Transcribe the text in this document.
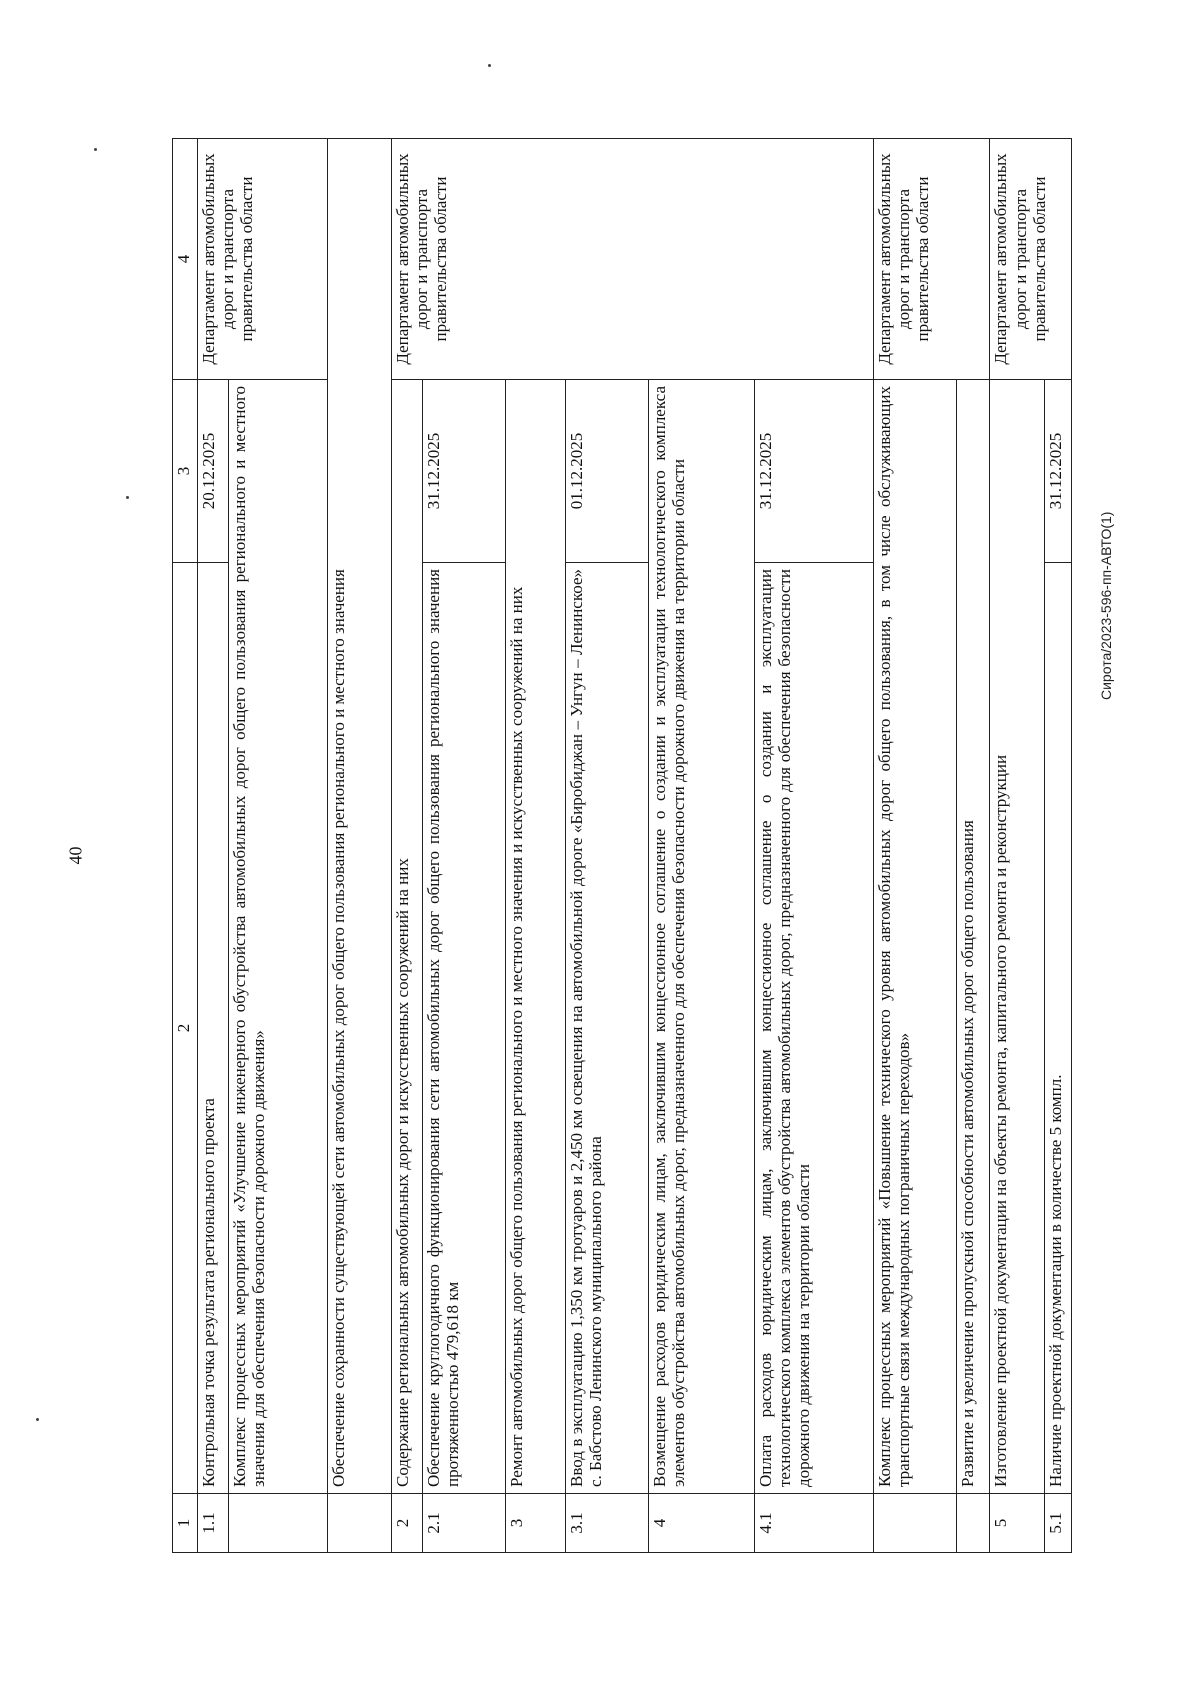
40
Сирота/2023-596-пп-АВТО(1)
1	2	3	4
1.1	Контрольная точка результата регионального проекта	20.12.2025	Департамент автомобильных дорог и транспорта правительства области
	Комплекс процессных мероприятий «Улучшение инженерного обустройства автомобильных дорог общего пользования регионального и местного значения для обеспечения безопасности дорожного движения»		
	Обеспечение сохранности существующей сети автомобильных дорог общего пользования регионального и местного значения		
2	Содержание региональных автомобильных дорог и искусственных сооружений на них		Департамент автомобильных дорог и транспорта правительства области
2.1	Обеспечение круглогодичного функционирования сети автомобильных дорог общего пользования регионального значения протяженностью 479,618 км	31.12.2025	
3	Ремонт автомобильных дорог общего пользования регионального и местного значения и искусственных сооружений на них		
3.1	Ввод в эксплуатацию 1,350 км тротуаров и 2,450 км освещения на автомобильной дороге «Биробиджан – Унгун – Ленинское» с. Бабстово Ленинского муниципального района	01.12.2025	
4	Возмещение расходов юридическим лицам, заключившим концессионное соглашение о создании и эксплуатации технологического комплекса элементов обустройства автомобильных дорог, предназначенного для обеспечения безопасности дорожного движения на территории области		
4.1	Оплата расходов юридическим лицам, заключившим концессионное соглашение о создании и эксплуатации технологического комплекса элементов обустройства автомобильных дорог, предназначенного для обеспечения безопасности дорожного движения на территории области	31.12.2025	
	Комплекс процессных мероприятий «Повышение технического уровня автомобильных дорог общего пользования, в том числе обслуживающих транспортные связи международных пограничных переходов»		Департамент автомобильных дорог и транспорта правительства области
	Развитие и увеличение пропускной способности автомобильных дорог общего пользования		
5	Изготовление проектной документации на объекты ремонта, капитального ремонта и реконструкции		Департамент автомобильных дорог и транспорта правительства области
5.1	Наличие проектной документации в количестве 5 компл.	31.12.2025	
